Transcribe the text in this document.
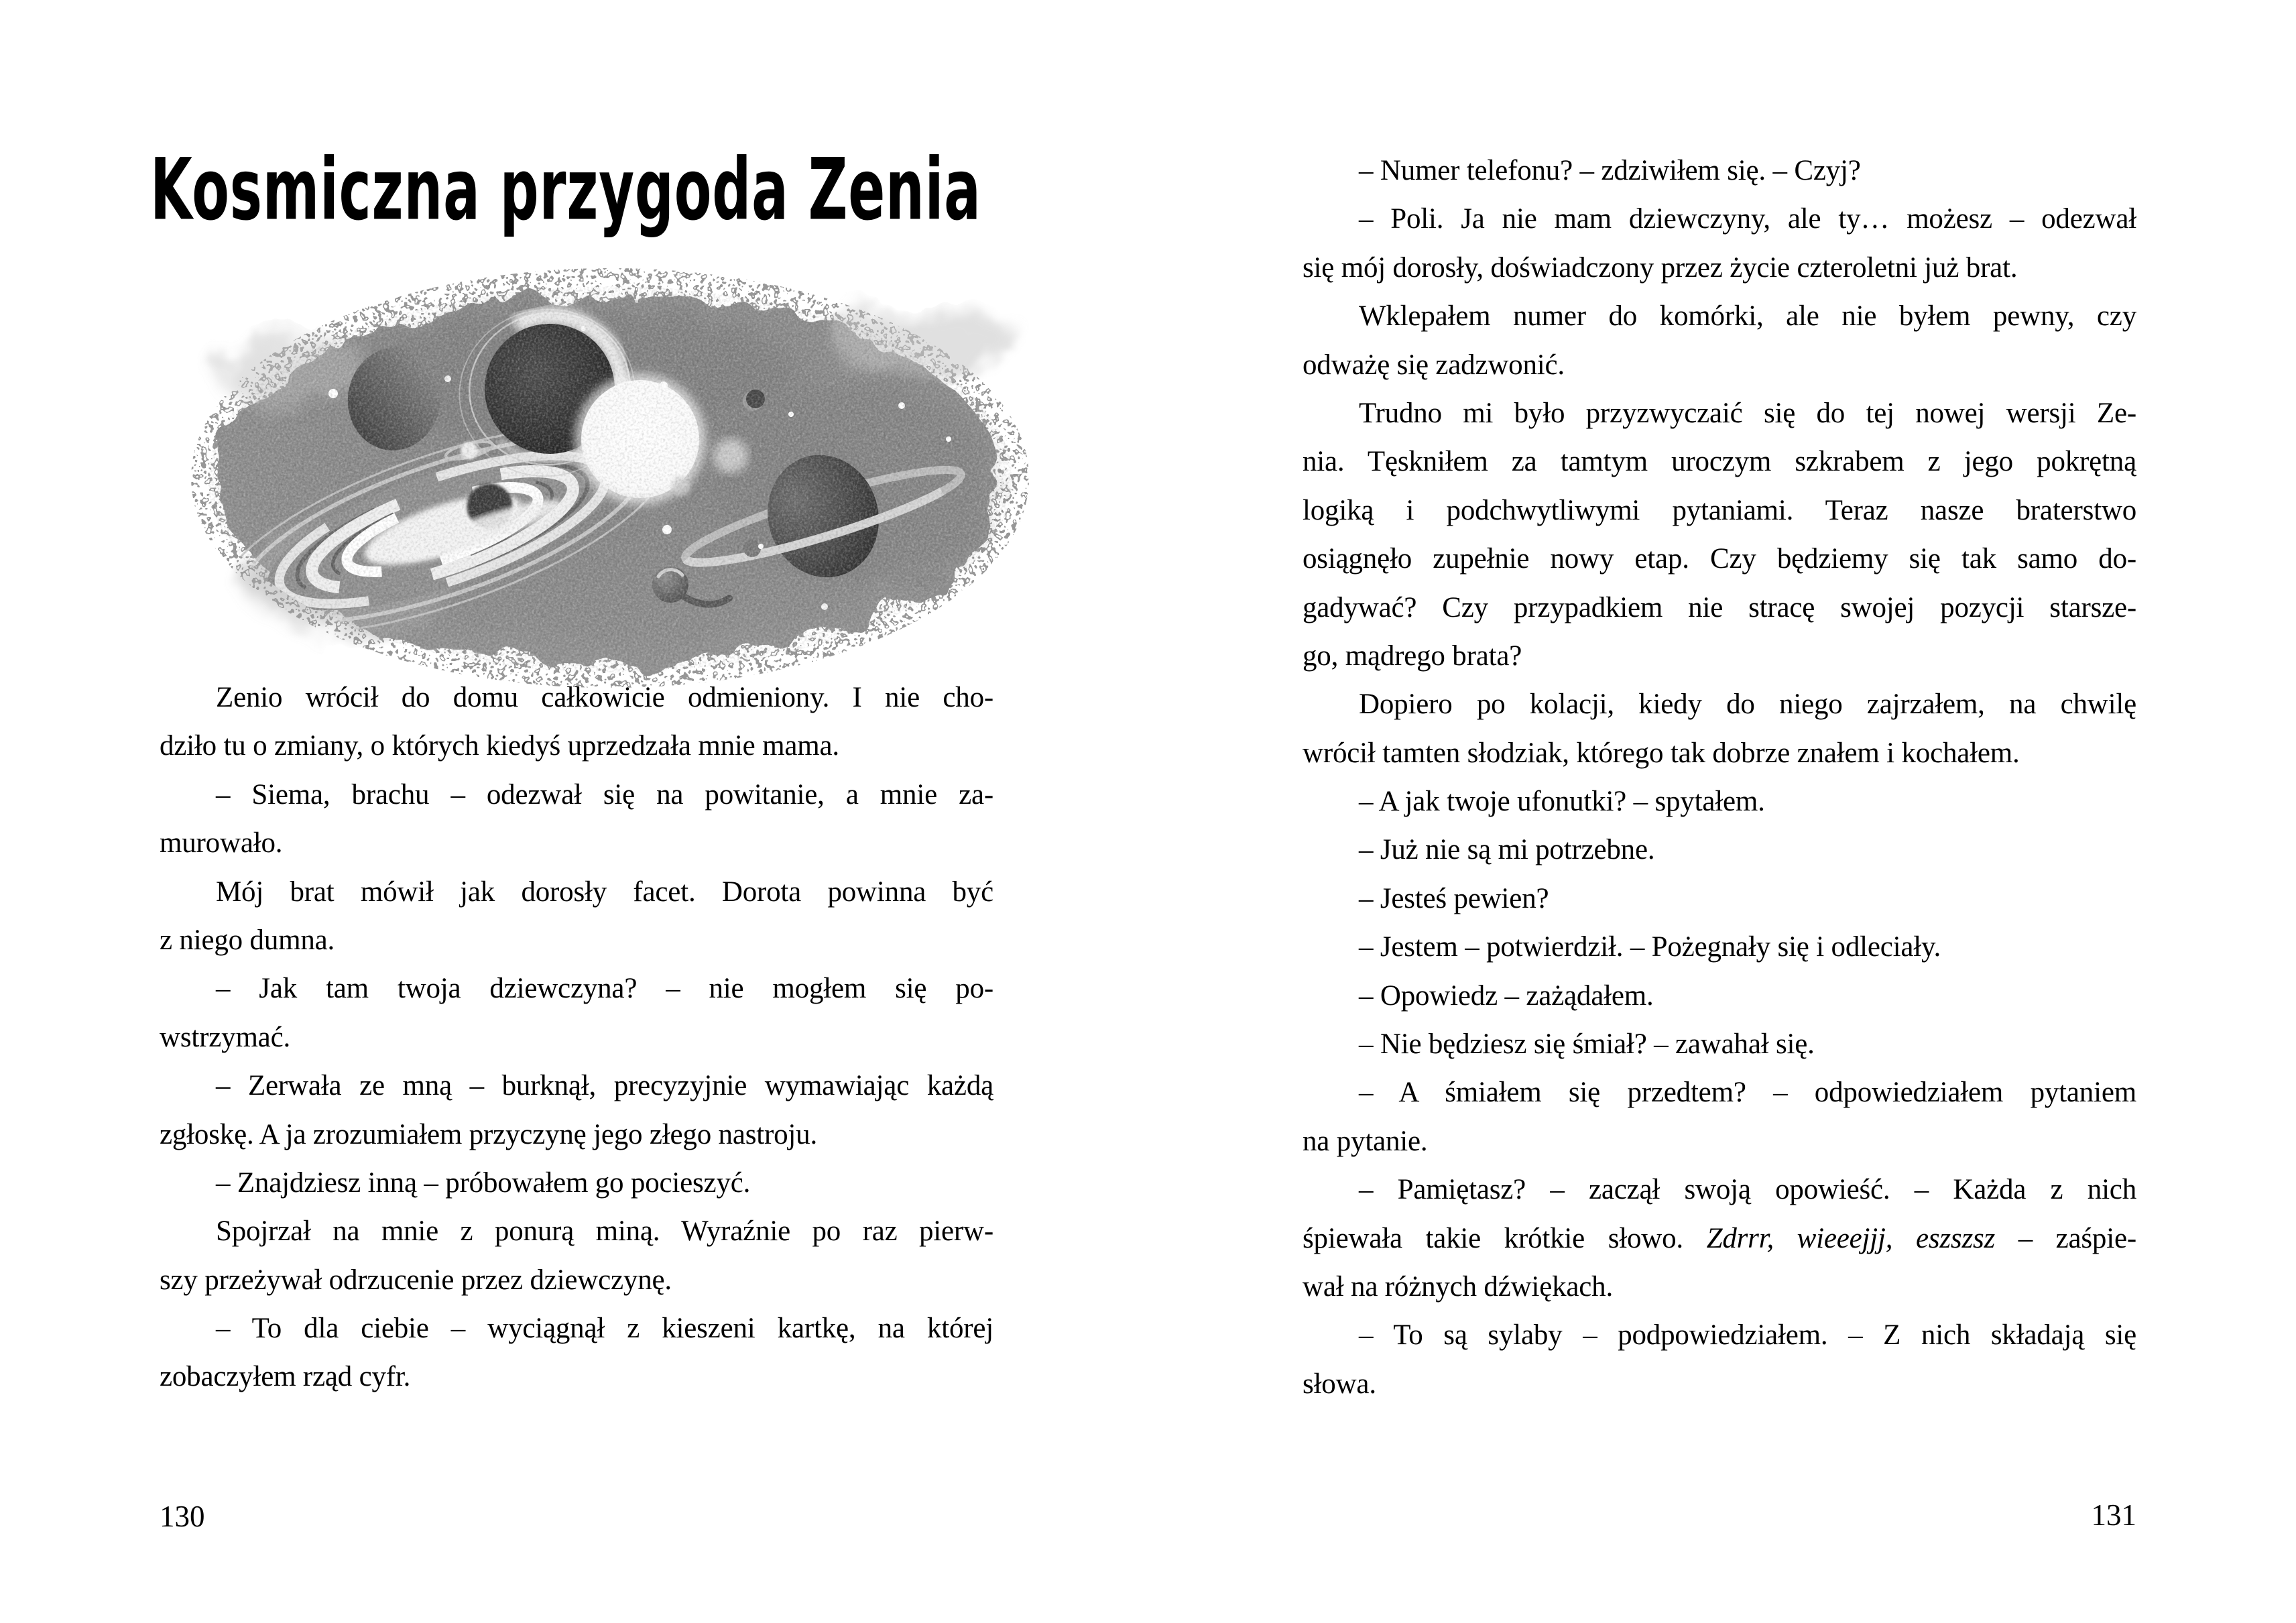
Kosmiczna przygoda Zenia
Zenio wrócił do domu całkowicie odmieniony. I nie cho-
dziło tu o zmiany, o których kiedyś uprzedzała mnie mama.
– Siema, brachu – odezwał się na powitanie, a mnie za-
murowało.
Mój brat mówił jak dorosły facet. Dorota powinna być
z niego dumna.
– Jak tam twoja dziewczyna? – nie mogłem się po-
wstrzymać.
– Zerwała ze mną – burknął, precyzyjnie wymawiając każdą
zgłoskę. A ja zrozumiałem przyczynę jego złego nastroju.
– Znajdziesz inną – próbowałem go pocieszyć.
Spojrzał na mnie z ponurą miną. Wyraźnie po raz pierw-
szy przeżywał odrzucenie przez dziewczynę.
– To dla ciebie – wyciągnął z kieszeni kartkę, na której
zobaczyłem rząd cyfr.
– Numer telefonu? – zdziwiłem się. – Czyj?
– Poli. Ja nie mam dziewczyny, ale ty… możesz – odezwał
się mój dorosły, doświadczony przez życie czteroletni już brat.
Wklepałem numer do komórki, ale nie byłem pewny, czy
odważę się zadzwonić.
Trudno mi było przyzwyczaić się do tej nowej wersji Ze-
nia. Tęskniłem za tamtym uroczym szkrabem z jego pokrętną
logiką i podchwytliwymi pytaniami. Teraz nasze braterstwo
osiągnęło zupełnie nowy etap. Czy będziemy się tak samo do-
gadywać? Czy przypadkiem nie stracę swojej pozycji starsze-
go, mądrego brata?
Dopiero po kolacji, kiedy do niego zajrzałem, na chwilę
wrócił tamten słodziak, którego tak dobrze znałem i kochałem.
– A jak twoje ufonutki? – spytałem.
– Już nie są mi potrzebne.
– Jesteś pewien?
– Jestem – potwierdził. – Pożegnały się i odleciały.
– Opowiedz – zażądałem.
– Nie będziesz się śmiał? – zawahał się.
– A śmiałem się przedtem? – odpowiedziałem pytaniem
na pytanie.
– Pamiętasz? – zaczął swoją opowieść. – Każda z nich
śpiewała takie krótkie słowo. Zdrrr, wieeejjj, eszszsz – zaśpie-
wał na różnych dźwiękach.
– To są sylaby – podpowiedziałem. – Z nich składają się
słowa.
130	131
